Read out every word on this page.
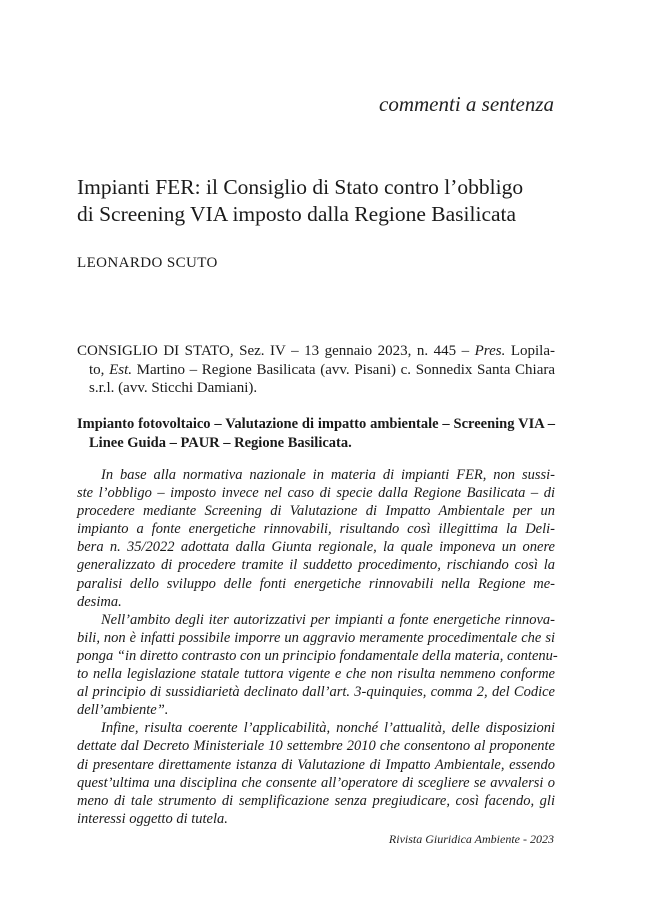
commenti a sentenza
Impianti FER: il Consiglio di Stato contro l’obbligo
di Screening VIA imposto dalla Regione Basilicata
LEONARDO SCUTO
CONSIGLIO DI STATO, Sez. IV – 13 gennaio 2023, n. 445 – Pres. Lopila-
to, Est. Martino – Regione Basilicata (avv. Pisani) c. Sonnedix Santa Chiara
s.r.l. (avv. Sticchi Damiani).
Impianto fotovoltaico – Valutazione di impatto ambientale – Screening VIA –
Linee Guida – PAUR – Regione Basilicata.
In base alla normativa nazionale in materia di impianti FER, non sussi-
ste l’obbligo – imposto invece nel caso di specie dalla Regione Basilicata – di
procedere mediante Screening di Valutazione di Impatto Ambientale per un
impianto a fonte energetiche rinnovabili, risultando così illegittima la Deli-
bera n. 35/2022 adottata dalla Giunta regionale, la quale imponeva un onere
generalizzato di procedere tramite il suddetto procedimento, rischiando così la
paralisi dello sviluppo delle fonti energetiche rinnovabili nella Regione me-
desima.
Nell’ambito degli iter autorizzativi per impianti a fonte energetiche rinnova-
bili, non è infatti possibile imporre un aggravio meramente procedimentale che si
ponga “in diretto contrasto con un principio fondamentale della materia, contenu-
to nella legislazione statale tuttora vigente e che non risulta nemmeno conforme
al principio di sussidiarietà declinato dall’art. 3-quinquies, comma 2, del Codice
dell’ambiente”.
Infine, risulta coerente l’applicabilità, nonché l’attualità, delle disposizioni
dettate dal Decreto Ministeriale 10 settembre 2010 che consentono al proponente
di presentare direttamente istanza di Valutazione di Impatto Ambientale, essendo
quest’ultima una disciplina che consente all’operatore di scegliere se avvalersi o
meno di tale strumento di semplificazione senza pregiudicare, così facendo, gli
interessi oggetto di tutela.
Rivista Giuridica Ambiente - 2023
